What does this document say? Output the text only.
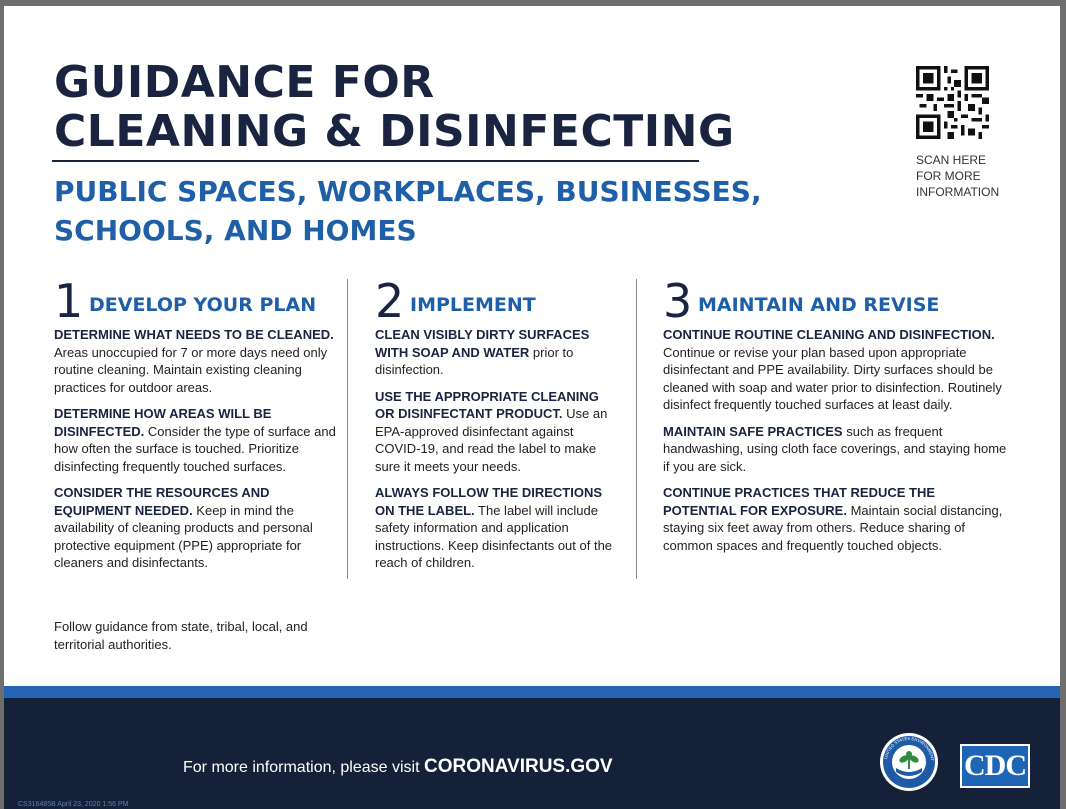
GUIDANCE FOR
CLEANING & DISINFECTING
PUBLIC SPACES, WORKPLACES, BUSINESSES,
SCHOOLS, AND HOMES
SCAN HERE
FOR MORE
INFORMATION
1 DEVELOP YOUR PLAN

DETERMINE WHAT NEEDS TO BE CLEANED. Areas unoccupied for 7 or more days need only routine cleaning. Maintain existing cleaning practices for outdoor areas.

DETERMINE HOW AREAS WILL BE DISINFECTED. Consider the type of surface and how often the surface is touched. Prioritize disinfecting frequently touched surfaces.

CONSIDER THE RESOURCES AND EQUIPMENT NEEDED. Keep in mind the availability of cleaning products and personal protective equipment (PPE) appropriate for cleaners and disinfectants.

Follow guidance from state, tribal, local, and territorial authorities.
2 IMPLEMENT

CLEAN VISIBLY DIRTY SURFACES WITH SOAP AND WATER prior to disinfection.

USE THE APPROPRIATE CLEANING OR DISINFECTANT PRODUCT. Use an EPA-approved disinfectant against COVID-19, and read the label to make sure it meets your needs.

ALWAYS FOLLOW THE DIRECTIONS ON THE LABEL. The label will include safety information and application instructions. Keep disinfectants out of the reach of children.

3 MAINTAIN AND REVISE

CONTINUE ROUTINE CLEANING AND DISINFECTION. Continue or revise your plan based upon appropriate disinfectant and PPE availability. Dirty surfaces should be cleaned with soap and water prior to disinfection. Routinely disinfect frequently touched surfaces at least daily.

MAINTAIN SAFE PRACTICES such as frequent handwashing, using cloth face coverings, and staying home if you are sick.

CONTINUE PRACTICES THAT REDUCE THE POTENTIAL FOR EXPOSURE. Maintain social distancing, staying six feet away from others. Reduce sharing of common spaces and frequently touched objects.

For more information, please visit CORONAVIRUS.GOV
CS316485B April 23, 2020 1:56 PM
UNITED STATES ENVIRONMENT CDC
